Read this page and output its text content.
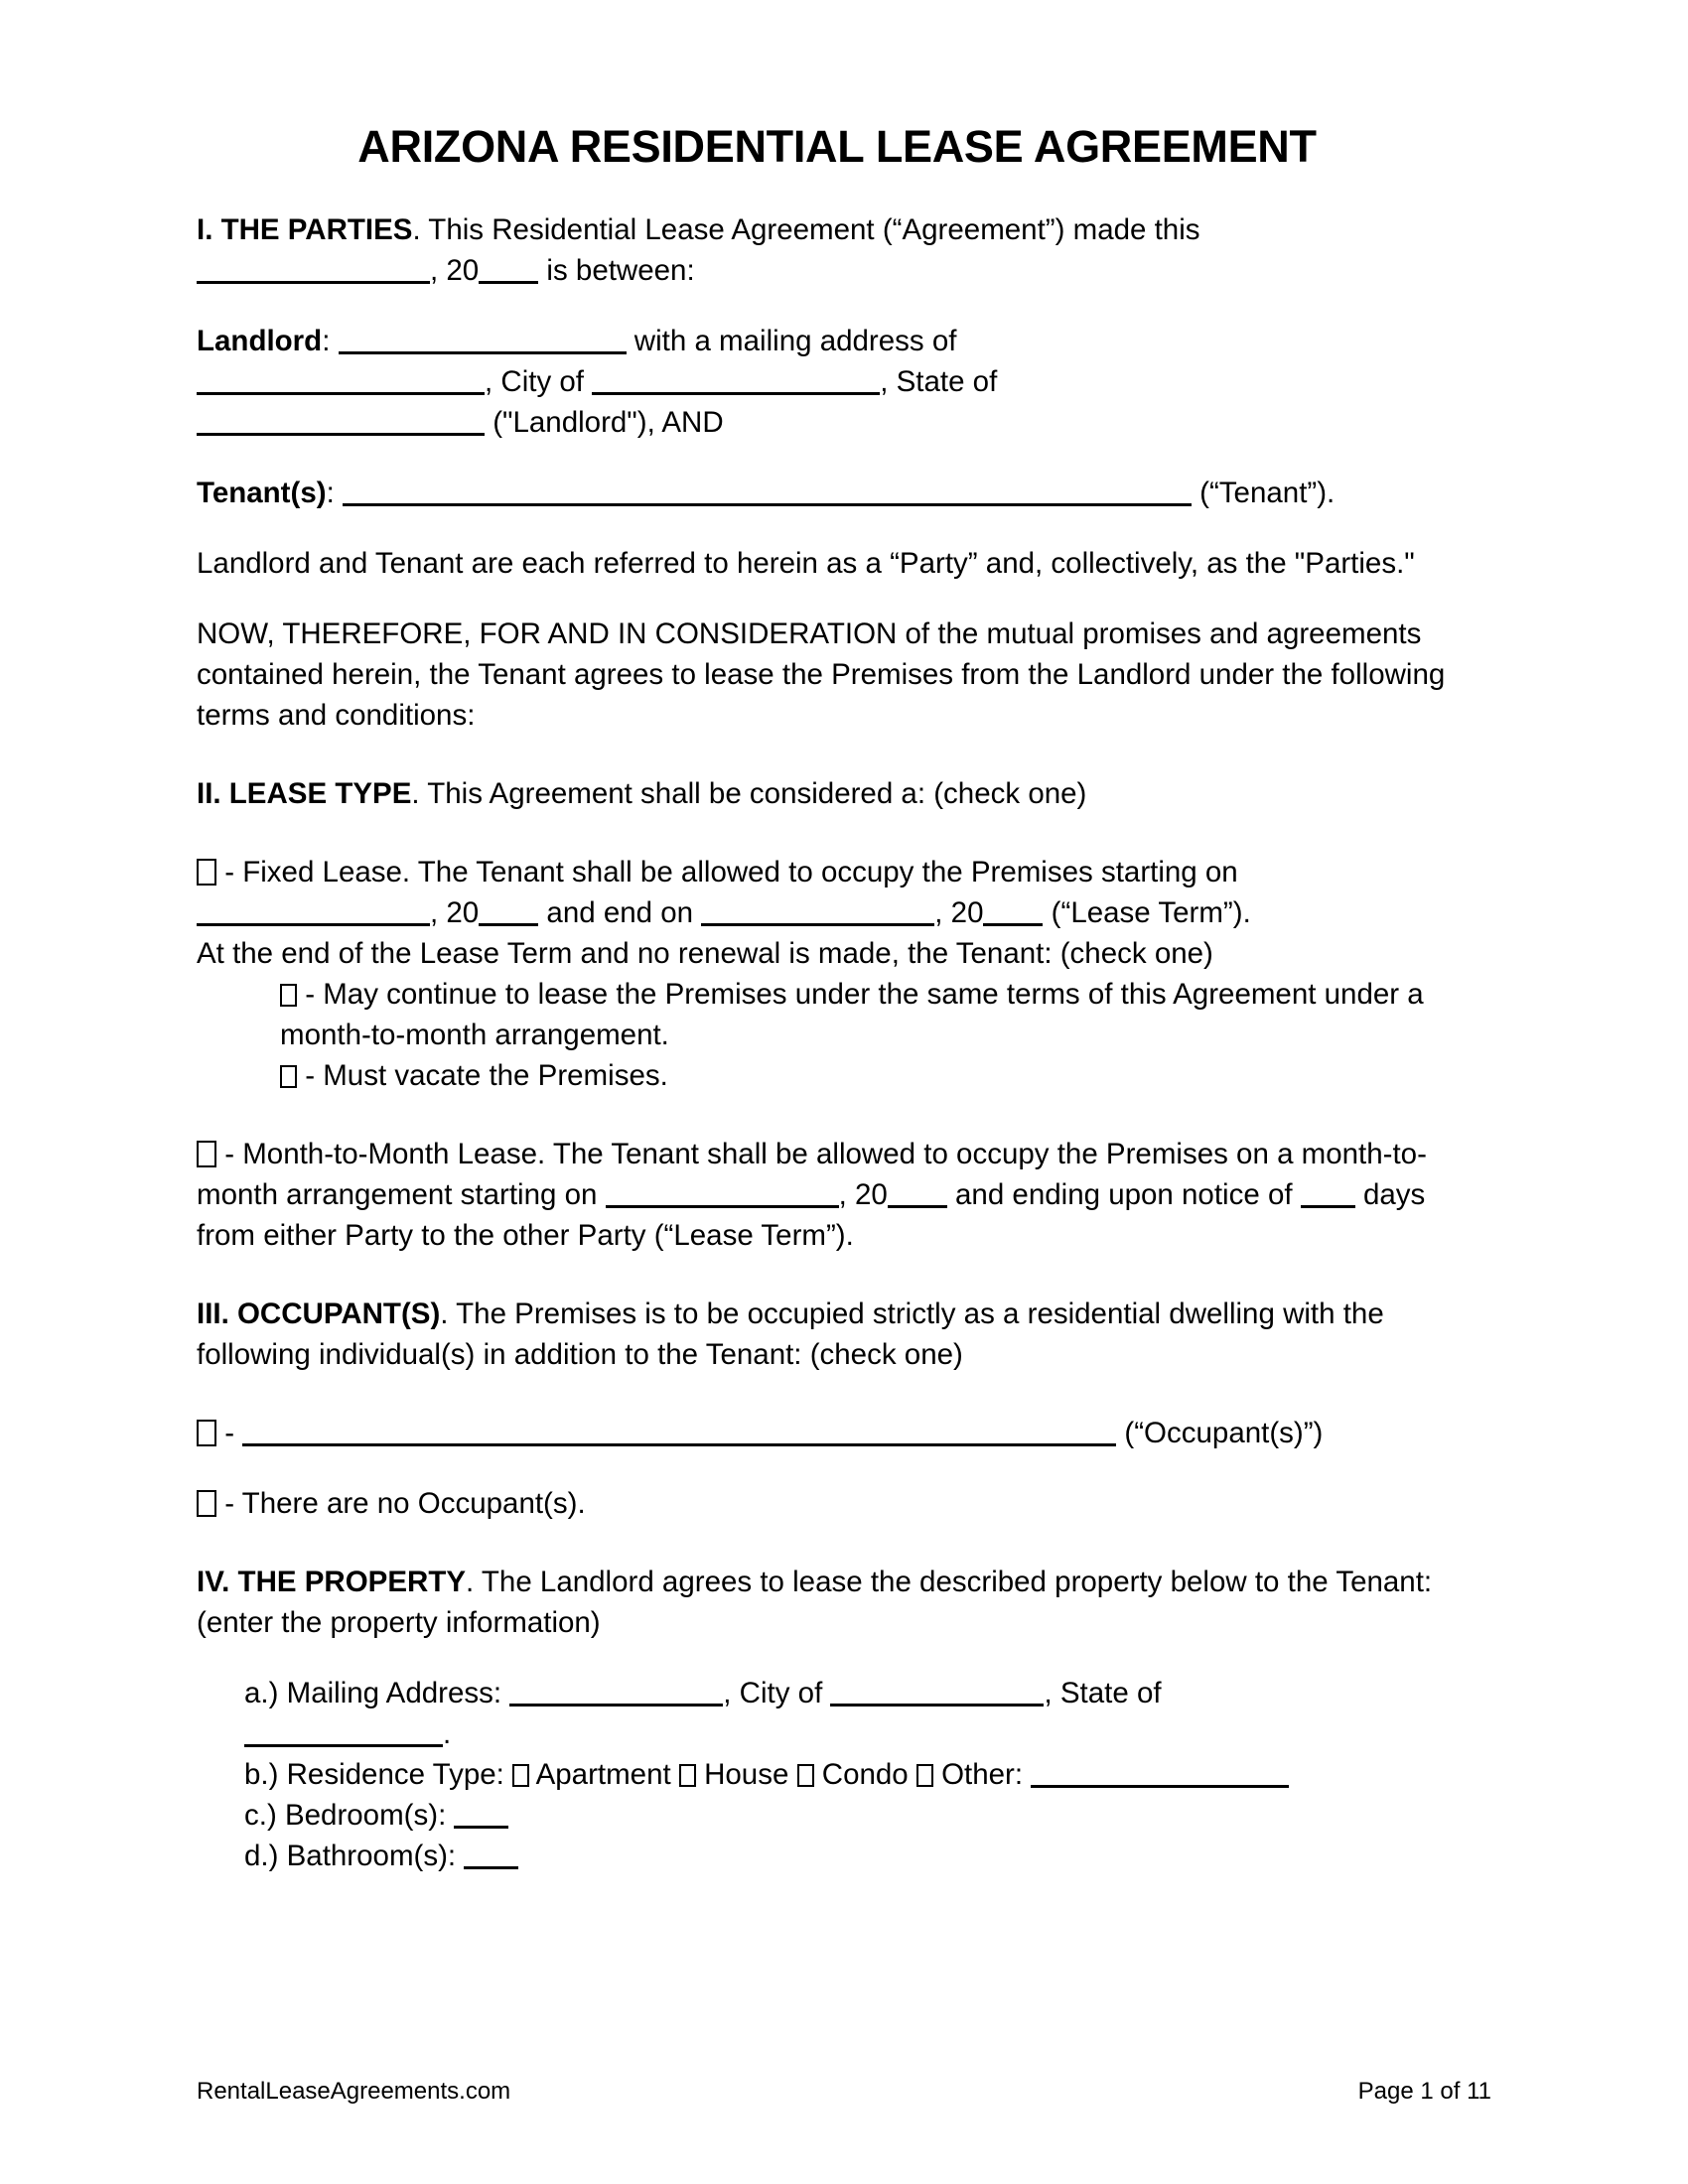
ARIZONA RESIDENTIAL LEASE AGREEMENT

I. THE PARTIES. This Residential Lease Agreement (“Agreement”) made this
, 20 is between:

Landlord:	with a mailing address of
, City of	, State of
("Landlord"), AND

Tenant(s):	(“Tenant”).

Landlord and Tenant are each referred to herein as a “Party” and, collectively, as the "Parties."

NOW, THEREFORE, FOR AND IN CONSIDERATION of the mutual promises and agreements contained herein, the Tenant agrees to lease the Premises from the Landlord under the following terms and conditions:

II. LEASE TYPE. This Agreement shall be considered a: (check one)

- Fixed Lease. The Tenant shall be allowed to occupy the Premises starting on
, 20 and end on	, 20 (“Lease Term”).
At the end of the Lease Term and no renewal is made, the Tenant: (check one)

- May continue to lease the Premises under the same terms of this Agreement under a month-to-month arrangement.

- Must vacate the Premises.

- Month-to-Month Lease. The Tenant shall be allowed to occupy the Premises on a month-to-month arrangement starting on	, 20 and ending upon notice of  days from either Party to the other Party (“Lease Term”).

III. OCCUPANT(S). The Premises is to be occupied strictly as a residential dwelling with the following individual(s) in addition to the Tenant: (check one)

-	(“Occupant(s)”)

- There are no Occupant(s).

IV. THE PROPERTY. The Landlord agrees to lease the described property below to the Tenant: (enter the property information)

a.) Mailing Address:	, City of	, State of
.

b.) Residence Type:  Apartment  House  Condo  Other:

c.) Bedroom(s):

d.) Bathroom(s):

RentalLeaseAgreements.com	Page 1 of 11
